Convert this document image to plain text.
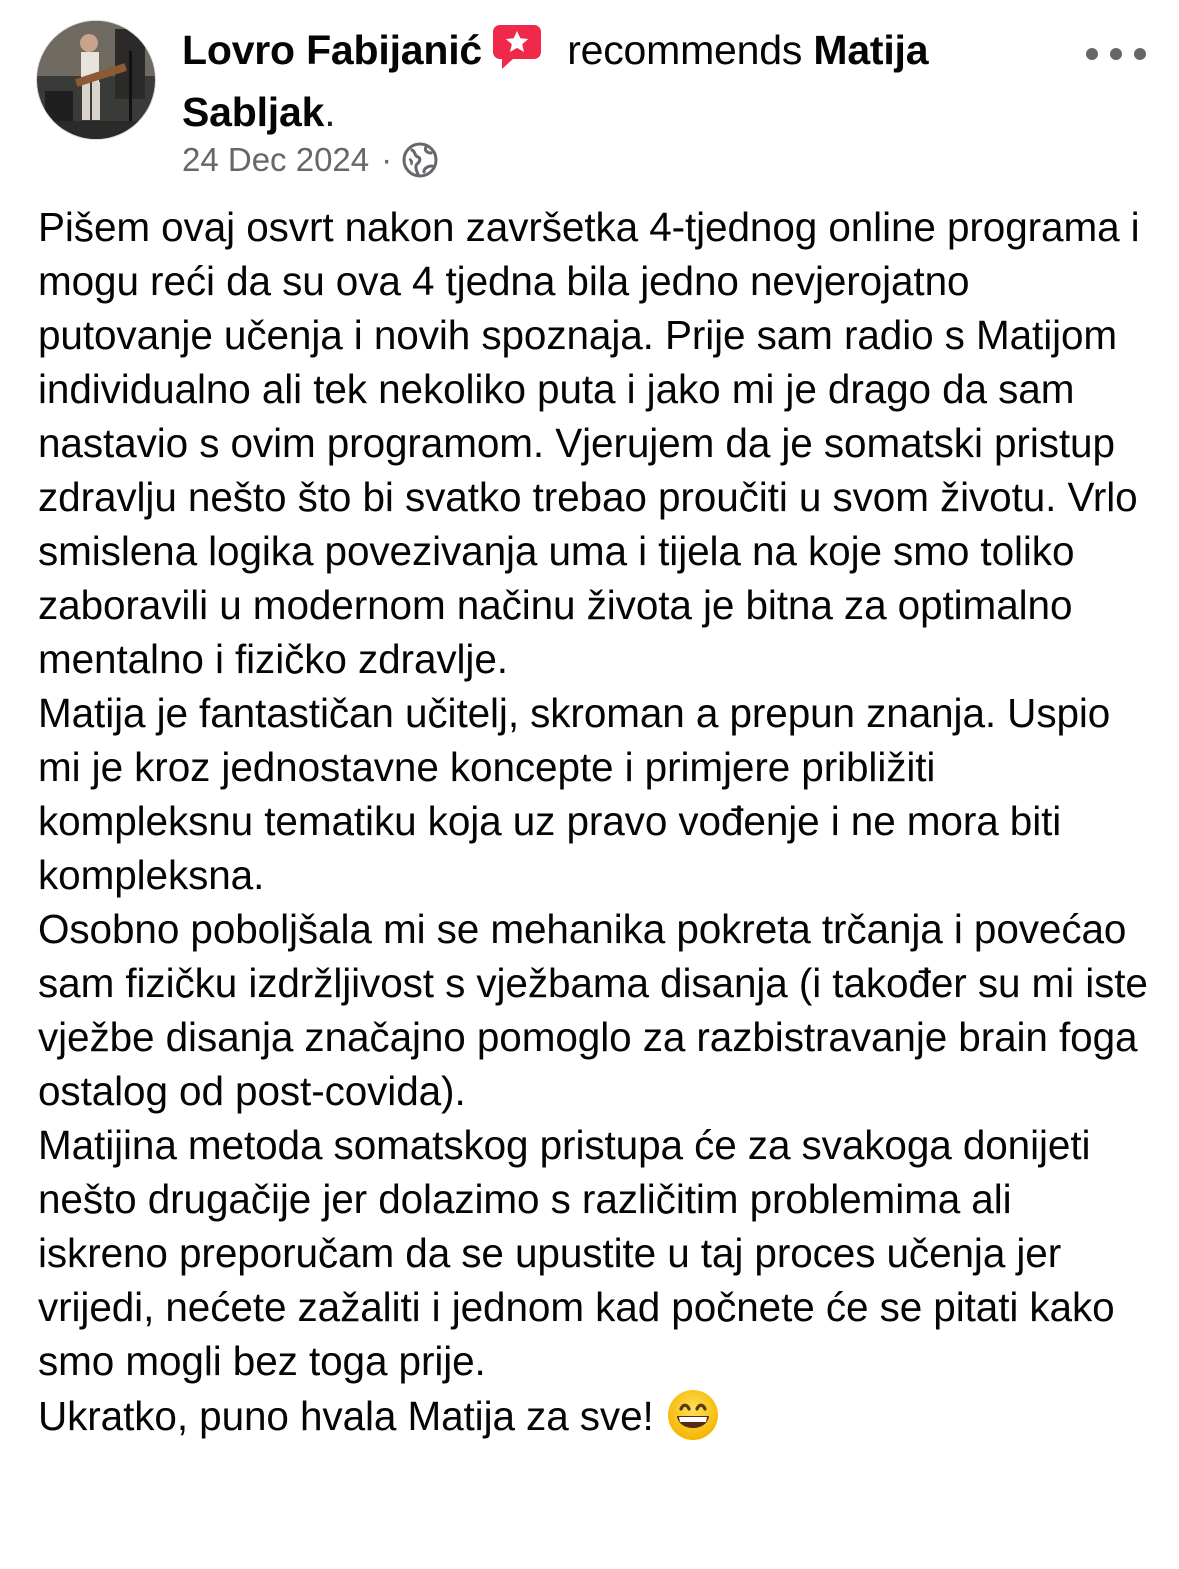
Lovro Fabijanić recommends Matija Sabljak.
24 Dec 2024 ·

Pišem ovaj osvrt nakon završetka 4-tjednog online programa i mogu reći da su ova 4 tjedna bila jedno nevjerojatno putovanje učenja i novih spoznaja. Prije sam radio s Matijom individualno ali tek nekoliko puta i jako mi je drago da sam nastavio s ovim programom. Vjerujem da je somatski pristup zdravlju nešto što bi svatko trebao proučiti u svom životu. Vrlo smislena logika povezivanja uma i tijela na koje smo toliko zaboravili u modernom načinu života je bitna za optimalno mentalno i fizičko zdravlje.

Matija je fantastičan učitelj, skroman a prepun znanja. Uspio mi je kroz jednostavne koncepte i primjere približiti kompleksnu tematiku koja uz pravo vođenje i ne mora biti kompleksna.

Osobno poboljšala mi se mehanika pokreta trčanja i povećao sam fizičku izdržljivost s vježbama disanja (i također su mi iste vježbe disanja značajno pomoglo za razbistravanje brain foga ostalog od post-covida).

Matijina metoda somatskog pristupa će za svakoga donijeti nešto drugačije jer dolazimo s različitim problemima ali iskreno preporučam da se upustite u taj proces učenja jer vrijedi, nećete zažaliti i jednom kad počnete će se pitati kako smo mogli bez toga prije.

Ukratko, puno hvala Matija za sve!
